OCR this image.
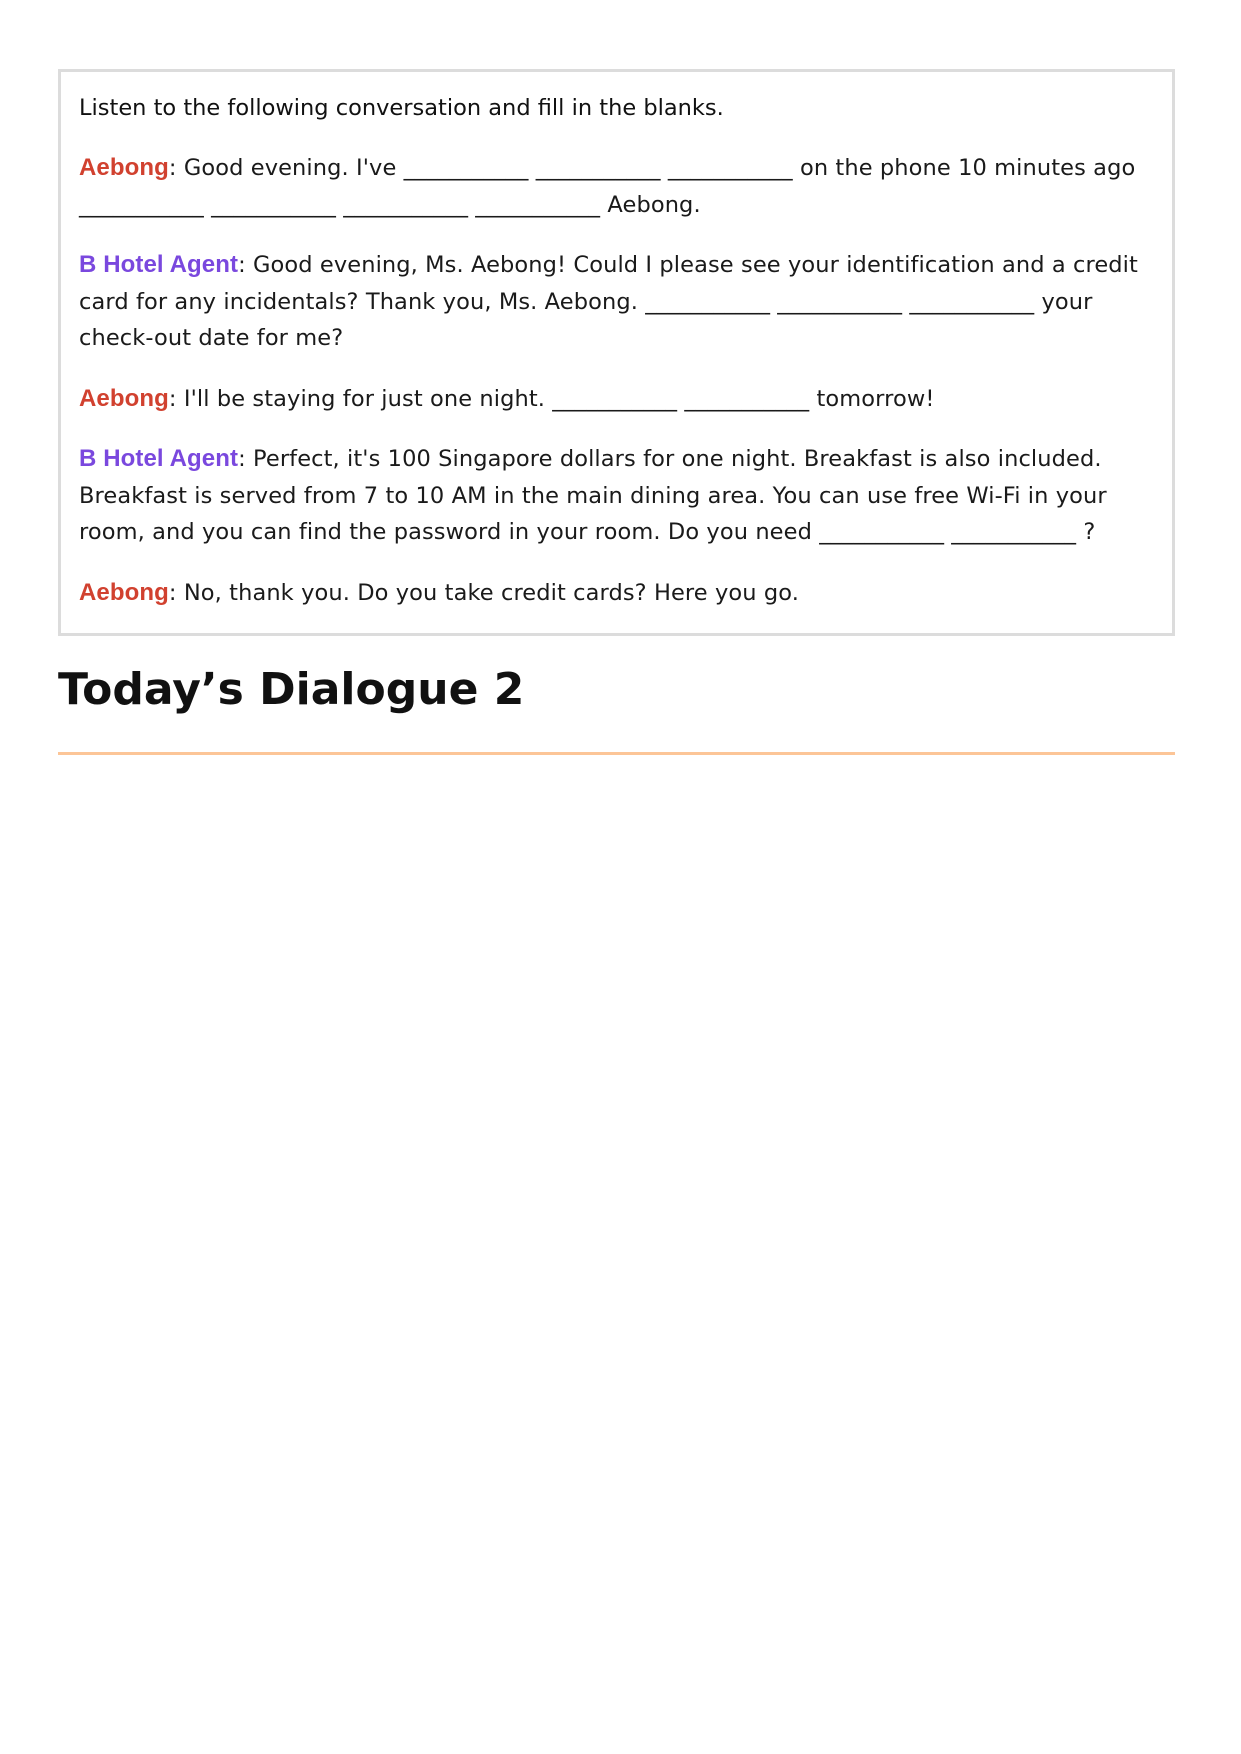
Listen to the following conversation and fill in the blanks.

Aebong: Good evening. I've ___________ ___________ ___________ on the phone 10 minutes ago ___________ ___________ ___________ ___________ Aebong.

B Hotel Agent: Good evening, Ms. Aebong! Could I please see your identification and a credit card for any incidentals? Thank you, Ms. Aebong. ___________ ___________ ___________ your check-out date for me?

Aebong: I'll be staying for just one night. ___________ ___________ tomorrow!

B Hotel Agent: Perfect, it's 100 Singapore dollars for one night. Breakfast is also included. Breakfast is served from 7 to 10 AM in the main dining area. You can use free Wi-Fi in your room, and you can find the password in your room. Do you need ___________ ___________ ?

Aebong: No, thank you. Do you take credit cards? Here you go.

Today’s Dialogue 2
